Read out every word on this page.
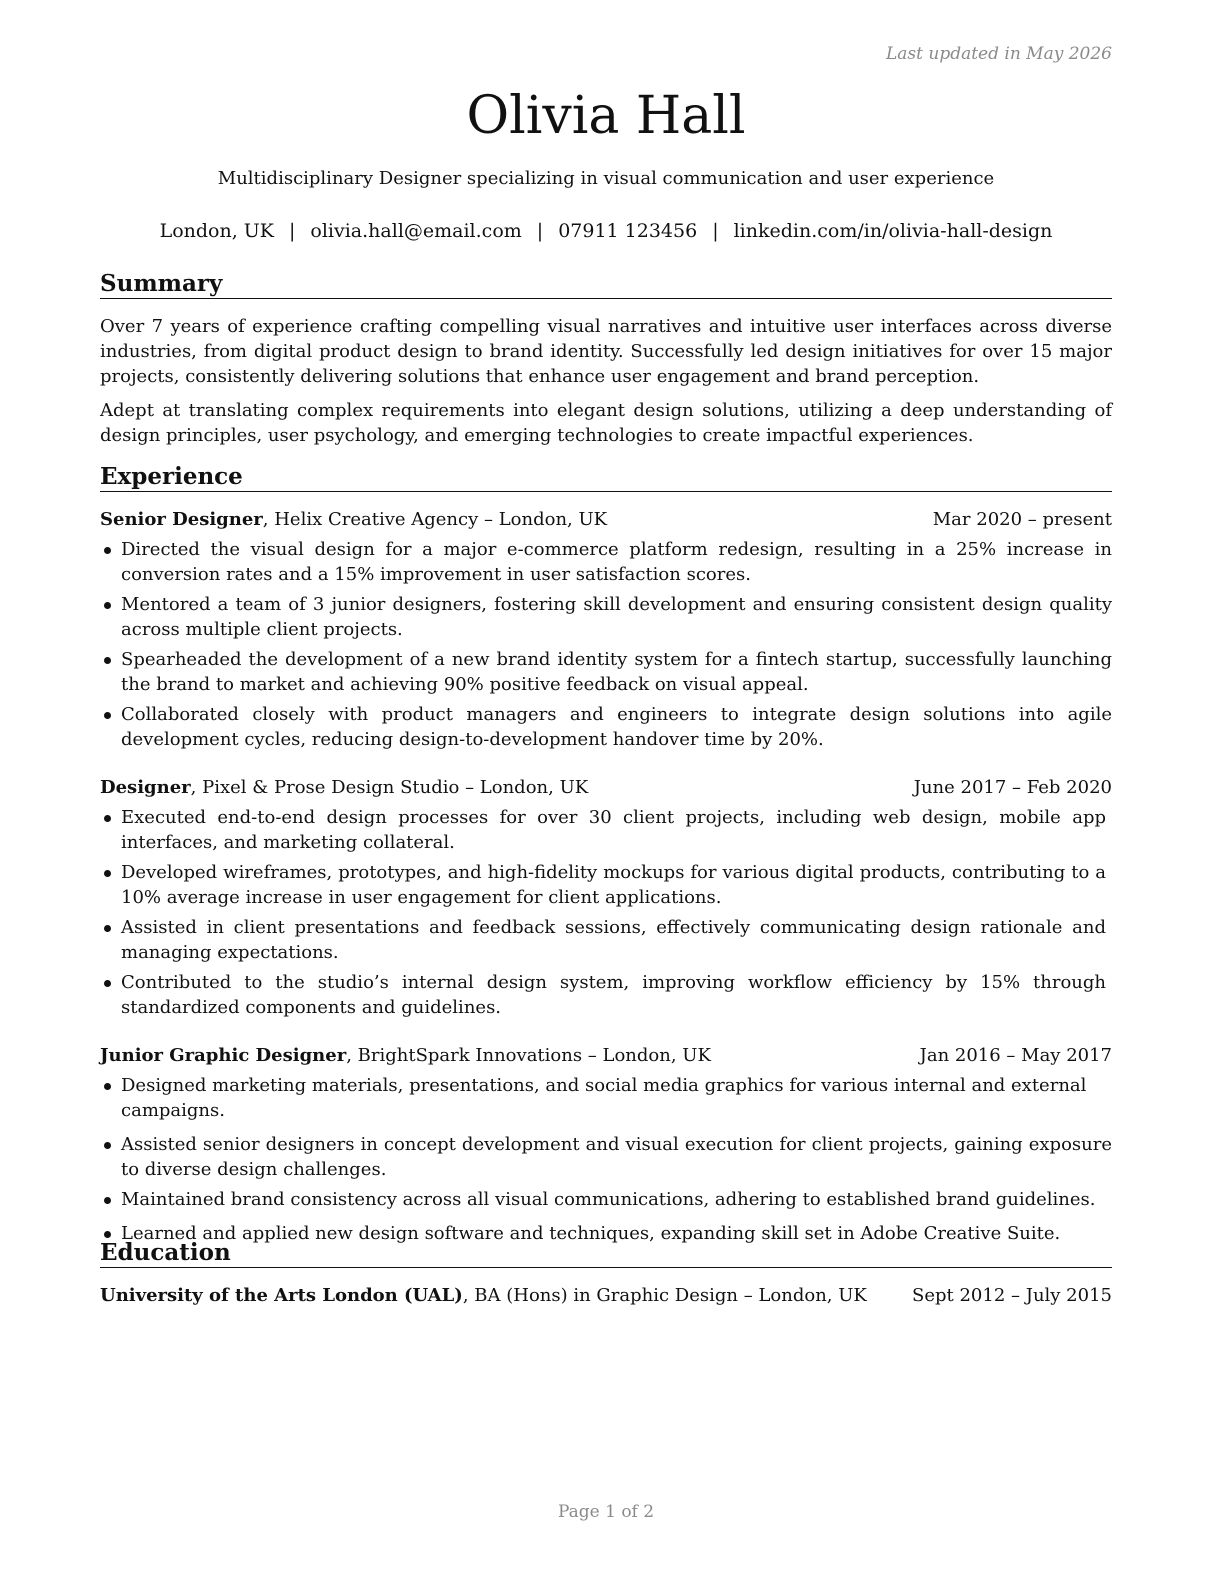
Last updated in May 2026
Olivia Hall
Multidisciplinary Designer specializing in visual communication and user experience
London, UK | olivia.hall@email.com | 07911 123456 | linkedin.com/in/olivia-hall-design
Summary
Over 7 years of experience crafting compelling visual narratives and intuitive user interfaces across diverse industries, from digital product design to brand identity. Successfully led design initiatives for over 15 major projects, consistently delivering solutions that enhance user engagement and brand perception.
Adept at translating complex requirements into elegant design solutions, utilizing a deep understanding of design principles, user psychology, and emerging technologies to create impactful experiences.
Experience
Senior Designer, Helix Creative Agency – London, UK	Mar 2020 – present
Directed the visual design for a major e-commerce platform redesign, resulting in a 25% increase in conversion rates and a 15% improvement in user satisfaction scores.
Mentored a team of 3 junior designers, fostering skill development and ensuring consistent design quality across multiple client projects.
Spearheaded the development of a new brand identity system for a fintech startup, successfully launching the brand to market and achieving 90% positive feedback on visual appeal.
Collaborated closely with product managers and engineers to integrate design solutions into agile development cycles, reducing design-to-development handover time by 20%.
Designer, Pixel & Prose Design Studio – London, UK	June 2017 – Feb 2020
Executed end-to-end design processes for over 30 client projects, including web design, mobile app interfaces, and marketing collateral.
Developed wireframes, prototypes, and high-fidelity mockups for various digital products, contributing to a 10% average increase in user engagement for client applications.
Assisted in client presentations and feedback sessions, effectively communicating design rationale and managing expectations.
Contributed to the studio’s internal design system, improving workflow efficiency by 15% through standardized components and guidelines.
Junior Graphic Designer, BrightSpark Innovations – London, UK	Jan 2016 – May 2017
Designed marketing materials, presentations, and social media graphics for various internal and external campaigns.
Assisted senior designers in concept development and visual execution for client projects, gaining exposure to diverse design challenges.
Maintained brand consistency across all visual communications, adhering to established brand guidelines.
Learned and applied new design software and techniques, expanding skill set in Adobe Creative Suite.
Education
University of the Arts London (UAL), BA (Hons) in Graphic Design – London, UK	Sept 2012 – July 2015
Page 1 of 2
